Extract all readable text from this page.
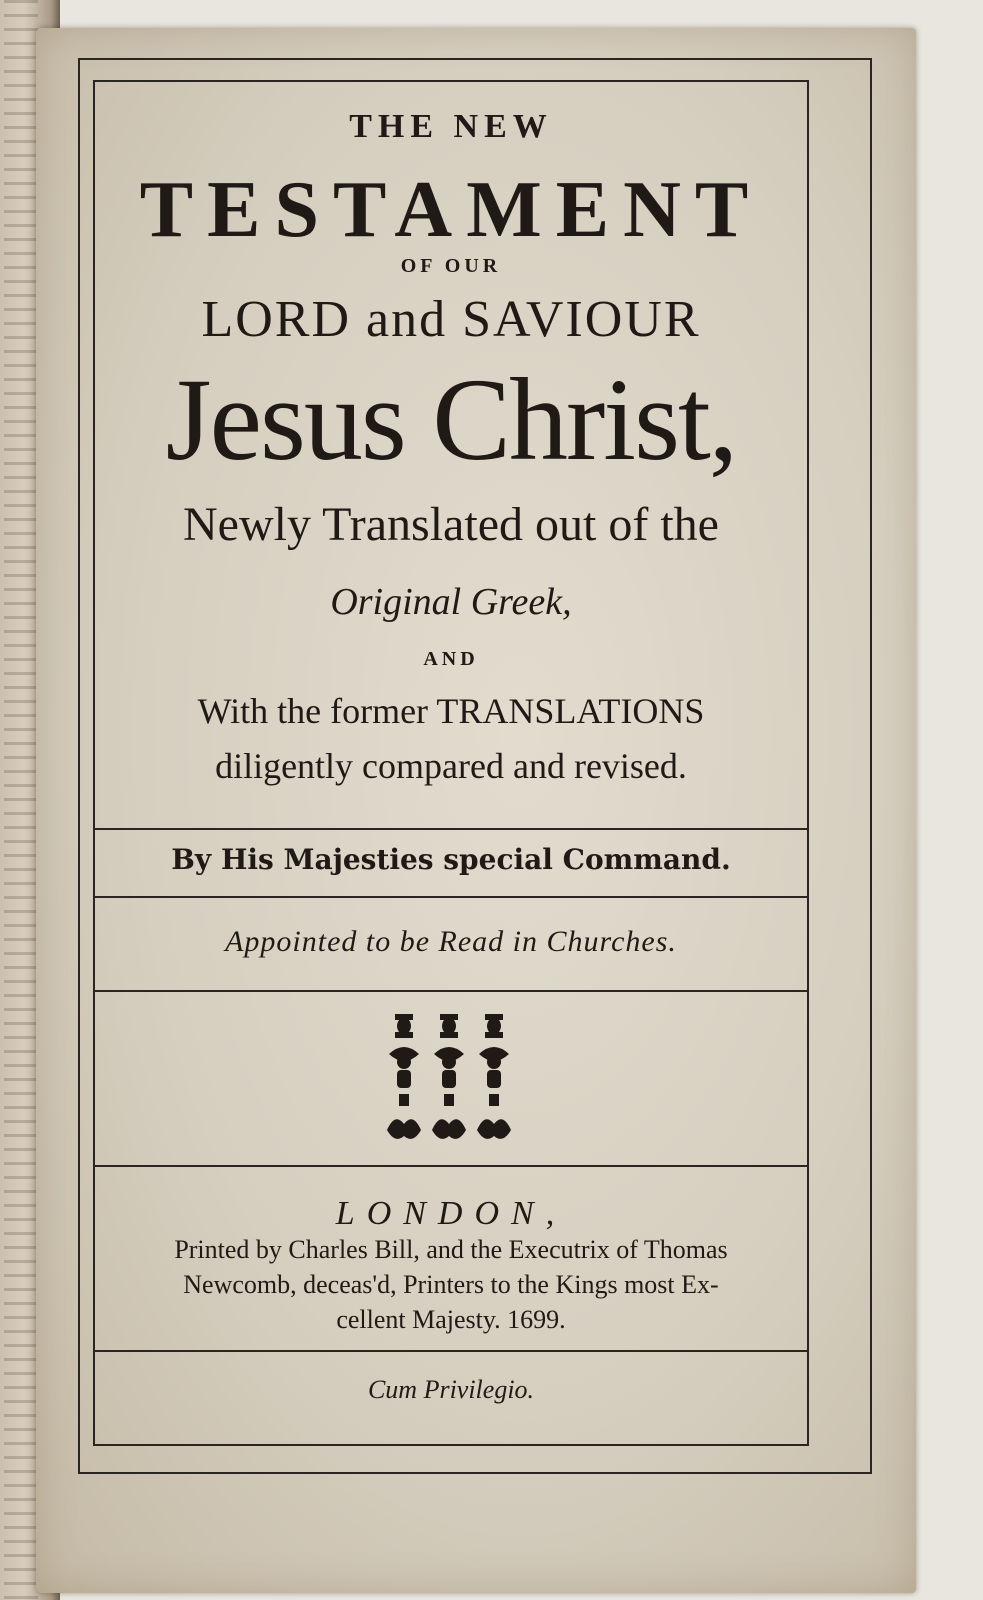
THE NEW

TESTAMENT

OF OUR

LORD and SAVIOUR

Jesus Christ,

Newly Translated out of the

Original Greek,

AND

With the former TRANSLATIONS

diligently compared and revised.

By His Majesties special Command.

Appointed to be Read in Churches.

LONDON,

Printed by Charles Bill, and the Executrix of Thomas

Newcomb, deceas'd, Printers to the Kings most Ex-

cellent Majesty. 1699.

Cum Privilegio.
